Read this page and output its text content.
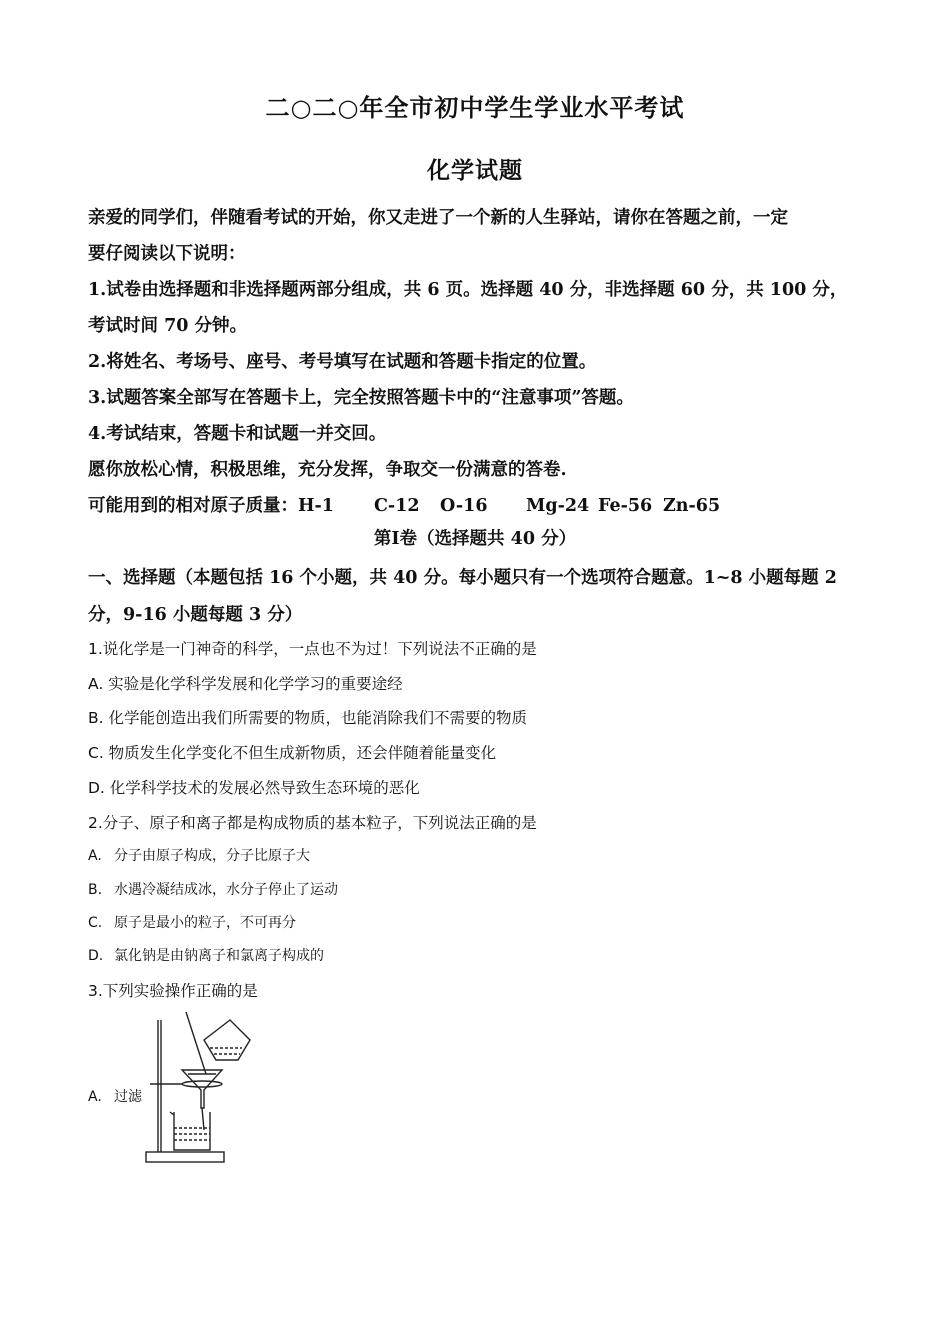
二○二○年全市初中学生学业水平考试
化学试题

亲爱的同学们，伴随看考试的开始，你又走进了一个新的人生驿站，请你在答题之前，一定

要仔阅读以下说明：

1.试卷由选择题和非选择题两部分组成，共 6 页。选择题 40 分，非选择题 60 分，共 100 分，

考试时间 70 分钟。

2.将姓名、考场号、座号、考号填写在试题和答题卡指定的位置。

3.试题答案全部写在答题卡上，完全按照答题卡中的“注意事项”答题。

4.考试结束，答题卡和试题一并交回。

愿你放松心情，积极思维，充分发挥，争取交一份满意的答卷.

可能用到的相对原子质量： H-1	C-12	O-16	Mg-24 Fe-56 Zn-65

第Ⅰ卷（选择题共 40 分）
一、选择题（本题包括 16 个小题，共 40 分。每小题只有一个选项符合题意。1~8 小题每题 2
分，9-16 小题每题 3 分）

1.说化学是一门神奇的科学，一点也不为过！下列说法不正确的是

A. 实验是化学科学发展和化学学习的重要途经

B. 化学能创造出我们所需要的物质，也能消除我们不需要的物质

C. 物质发生化学变化不但生成新物质，还会伴随着能量变化

D. 化学科学技术的发展必然导致生态环境的恶化

2.分子、原子和离子都是构成物质的基本粒子，下列说法正确的是

A. 分子由原子构成，分子比原子大

B. 水遇冷凝结成冰，水分子停止了运动

C. 原子是最小的粒子，不可再分

D. 氯化钠是由钠离子和氯离子构成的

3.下列实验操作正确的是

A. 过滤
